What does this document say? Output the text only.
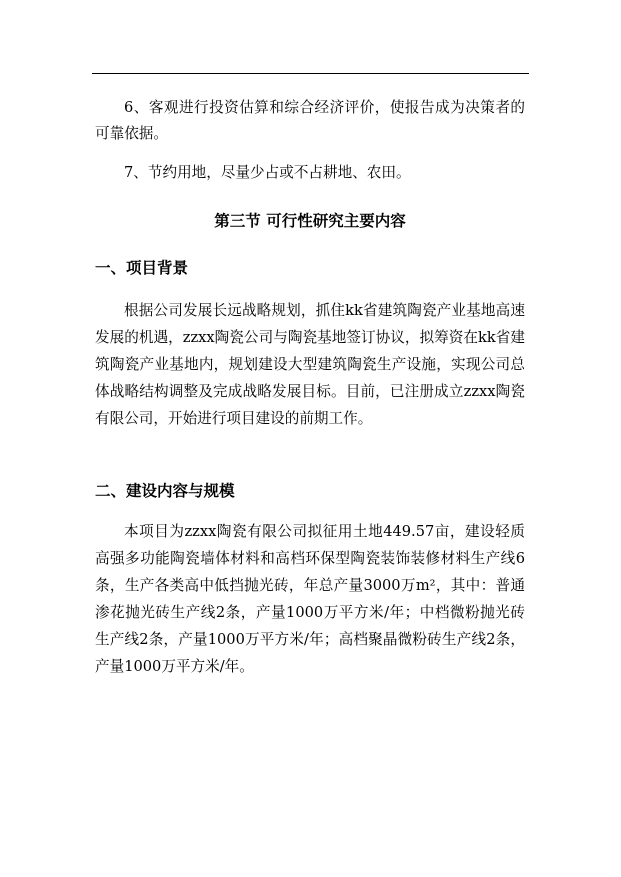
6、客观进行投资估算和综合经济评价，使报告成为决策者的可靠依据。

7、节约用地，尽量少占或不占耕地、农田。

第三节 可行性研究主要内容
一、项目背景

根据公司发展长远战略规划，抓住kk省建筑陶瓷产业基地高速发展的机遇，zzxx陶瓷公司与陶瓷基地签订协议，拟筹资在kk省建筑陶瓷产业基地内，规划建设大型建筑陶瓷生产设施，实现公司总体战略结构调整及完成战略发展目标。目前，已注册成立zzxx陶瓷有限公司，开始进行项目建设的前期工作。

二、建设内容与规模

本项目为zzxx陶瓷有限公司拟征用土地449.57亩，建设轻质高强多功能陶瓷墙体材料和高档环保型陶瓷装饰装修材料生产线6条，生产各类高中低挡抛光砖，年总产量3000万m²，其中：普通渗花抛光砖生产线2条，产量1000万平方米/年；中档微粉抛光砖生产线2条，产量1000万平方米/年；高档聚晶微粉砖生产线2条，产量1000万平方米/年。
